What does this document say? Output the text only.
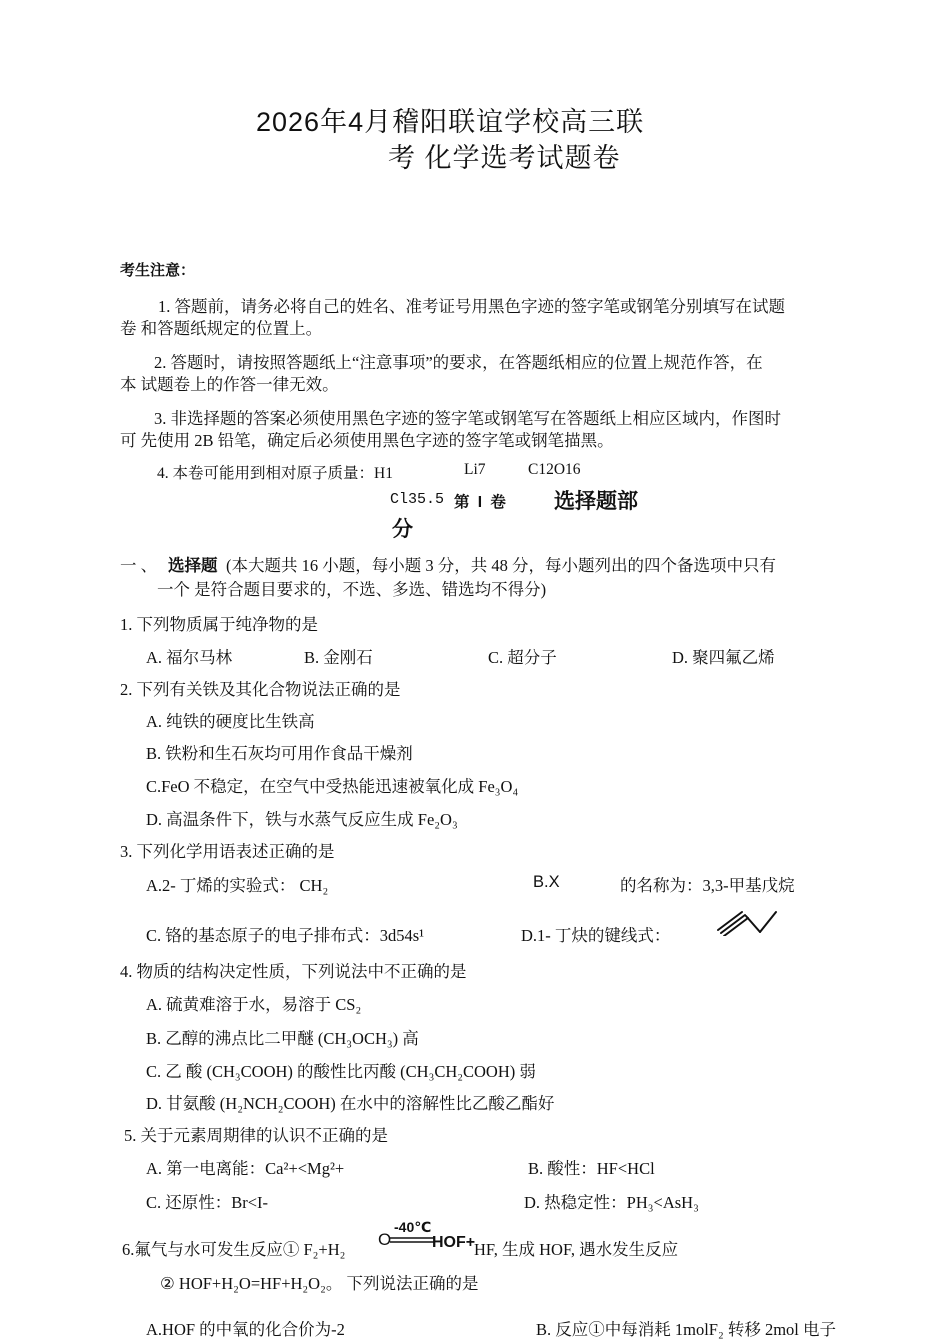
2026年4月稽阳联谊学校高三联
考 化学选考试题卷
考生注意：
1. 答题前，请务必将自己的姓名、准考证号用黑色字迹的签字笔或钢笔分别填写在试题
卷 和答题纸规定的位置上。
2. 答题时，请按照答题纸上“注意事项”的要求，在答题纸相应的位置上规范作答，在
本 试题卷上的作答一律无效。
3. 非选择题的答案必须使用黑色字迹的签字笔或钢笔写在答题纸上相应区域内，作图时
可 先使用 2B 铅笔，确定后必须使用黑色字迹的签字笔或钢笔描黑。
4. 本卷可能用到相对原子质量：H1	Li7	C12O16
Cl35.5 第 I 卷 选择题部
分
一 、 选择题 (本大题共 16 小题，每小题 3 分，共 48 分，每小题列出的四个备选项中只有
一个 是符合题目要求的，不选、多选、错选均不得分)
1. 下列物质属于纯净物的是
A. 福尔马林	B. 金刚石	C. 超分子	D. 聚四氟乙烯
2. 下列有关铁及其化合物说法正确的是
A. 纯铁的硬度比生铁高
B. 铁粉和生石灰均可用作食品干燥剂
C.FeO 不稳定，在空气中受热能迅速被氧化成 Fe₃O₄
D. 高温条件下，铁与水蒸气反应生成 Fe₂O₃
3. 下列化学用语表述正确的是
A.2- 丁烯的实验式： CH₂	B.X	的名称为：3,3-甲基戊烷
C. 铬的基态原子的电子排布式：3d54s¹	D.1- 丁炔的键线式：
4. 物质的结构决定性质，下列说法中不正确的是
A. 硫黄难溶于水，易溶于 CS₂
B. 乙醇的沸点比二甲醚 (CH₃OCH₃) 高
C. 乙 酸 (CH₃COOH) 的酸性比丙酸 (CH₃CH₂COOH) 弱
D. 甘氨酸 (H₂NCH₂COOH) 在水中的溶解性比乙酸乙酯好
5. 关于元素周期律的认识不正确的是
A. 第一电离能：Ca²+<Mg²+	B. 酸性：HF<HCl
C. 还原性：Br<I-	D. 热稳定性：PH₃<AsH₃
6.氟气与水可发生反应① F₂+H₂
O
-40℃
HOF+
HF, 生成 HOF, 遇水发生反应
② HOF+H₂O=HF+H₂O₂。 下列说法正确的是
A.HOF 的中氧的化合价为-2	B. 反应①中每消耗 1molF₂ 转移 2mol 电子
